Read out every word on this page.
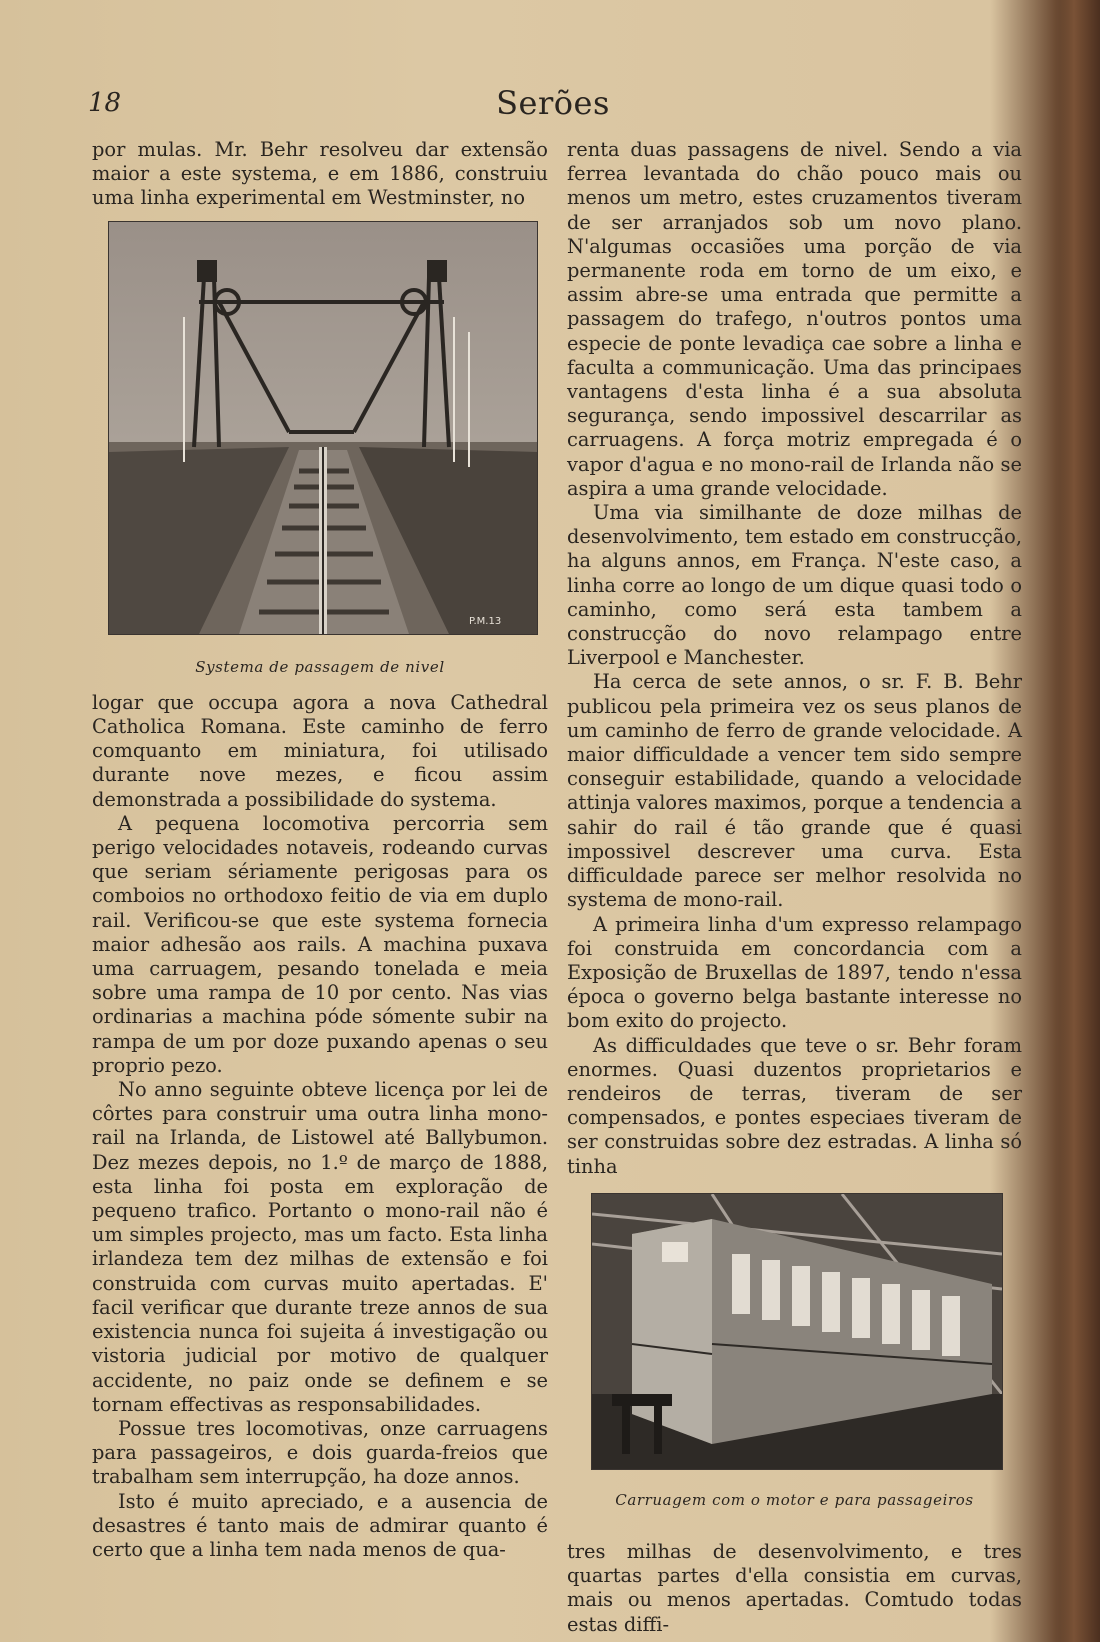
18	Serões

por mulas. Mr. Behr resolveu dar extensão maior a este systema, e em 1886, construiu uma linha experimental em Westminster, no

P.M.13
Systema de passagem de nivel

logar que occupa agora a nova Cathedral Catholica Romana. Este caminho de ferro comquanto em miniatura, foi utilisado durante nove mezes, e ficou assim demonstrada a possibilidade do systema.

A pequena locomotiva percorria sem perigo velocidades notaveis, rodeando curvas que seriam sériamente perigosas para os comboios no orthodoxo feitio de via em duplo rail. Verificou-se que este systema fornecia maior adhesão aos rails. A machina puxava uma carruagem, pesando tonelada e meia sobre uma rampa de 10 por cento. Nas vias ordinarias a machina póde sómente subir na rampa de um por doze puxando apenas o seu proprio pezo.

No anno seguinte obteve licença por lei de côrtes para construir uma outra linha mono-rail na Irlanda, de Listowel até Ballybumon. Dez mezes depois, no 1.º de março de 1888, esta linha foi posta em exploração de pequeno trafico. Portanto o mono-rail não é um simples projecto, mas um facto. Esta linha irlandeza tem dez milhas de extensão e foi construida com curvas muito apertadas. E' facil verificar que durante treze annos de sua existencia nunca foi sujeita á investigação ou vistoria judicial por motivo de qualquer accidente, no paiz onde se definem e se tornam effectivas as responsabilidades.

Possue tres locomotivas, onze carruagens para passageiros, e dois guarda-freios que trabalham sem interrupção, ha doze annos.

Isto é muito apreciado, e a ausencia de desastres é tanto mais de admirar quanto é certo que a linha tem nada menos de qua-

renta duas passagens de nivel. Sendo a via ferrea levantada do chão pouco mais ou menos um metro, estes cruzamentos tiveram de ser arranjados sob um novo plano. N'algumas occasiões uma porção de via permanente roda em torno de um eixo, e assim abre-se uma entrada que permitte a passagem do trafego, n'outros pontos uma especie de ponte levadiça cae sobre a linha e faculta a communicação. Uma das principaes vantagens d'esta linha é a sua absoluta segurança, sendo impossivel descarrilar as carruagens. A força motriz empregada é o vapor d'agua e no mono-rail de Irlanda não se aspira a uma grande velocidade.

Uma via similhante de doze milhas de desenvolvimento, tem estado em construcção, ha alguns annos, em França. N'este caso, a linha corre ao longo de um dique quasi todo o caminho, como será esta tambem a construcção do novo relampago entre Liverpool e Manchester.

Ha cerca de sete annos, o sr. F. B. Behr publicou pela primeira vez os seus planos de um caminho de ferro de grande velocidade. A maior difficuldade a vencer tem sido sempre conseguir estabilidade, quando a velocidade attinja valores maximos, porque a tendencia a sahir do rail é tão grande que é quasi impossivel descrever uma curva. Esta difficuldade parece ser melhor resolvida no systema de mono-rail.

A primeira linha d'um expresso relampago foi construida em concordancia com a Exposição de Bruxellas de 1897, tendo n'essa época o governo belga bastante interesse no bom exito do projecto.

As difficuldades que teve o sr. Behr foram enormes. Quasi duzentos proprietarios e rendeiros de terras, tiveram de ser compensados, e pontes especiaes tiveram de ser construidas sobre dez estradas. A linha só tinha

Carruagem com o motor e para passageiros

tres milhas de desenvolvimento, e tres quartas partes d'ella consistia em curvas, mais ou menos apertadas. Comtudo todas estas diffi-
